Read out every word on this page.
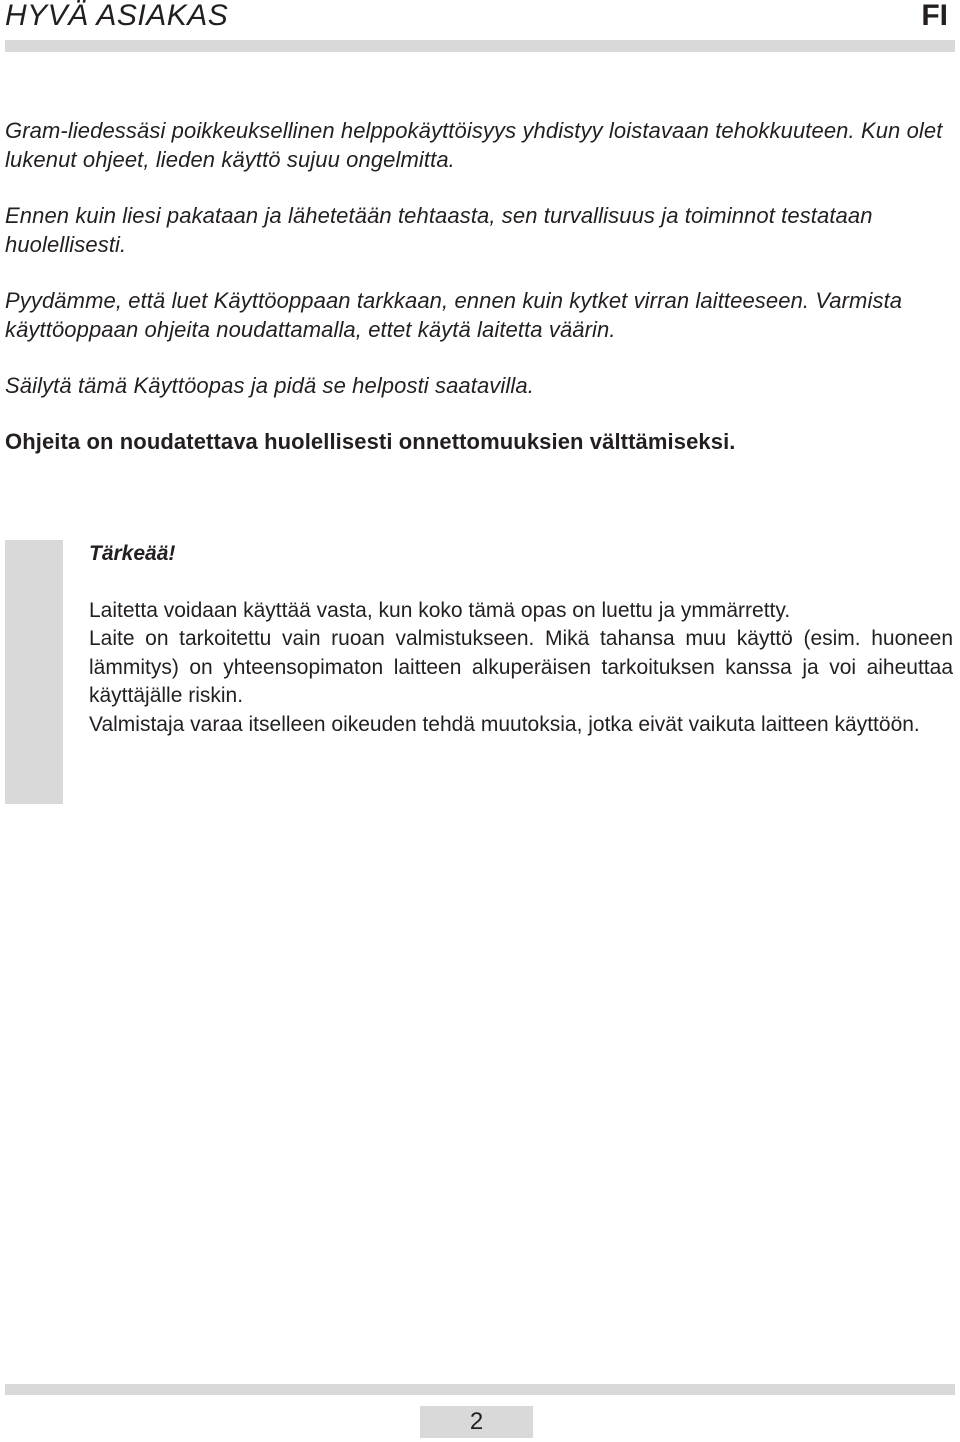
HYVÄ ASIAKAS	FI

Gram-liedessäsi poikkeuksellinen helppokäyttöisyys yhdistyy loistavaan tehokkuuteen. Kun olet lukenut ohjeet, lieden käyttö sujuu ongelmitta.

Ennen kuin liesi pakataan ja lähetetään tehtaasta, sen turvallisuus ja toiminnot testataan huolellisesti.

Pyydämme, että luet Käyttöoppaan tarkkaan, ennen kuin kytket virran laitteeseen. Varmista käyttöoppaan ohjeita noudattamalla, ettet käytä laitetta väärin.

Säilytä tämä Käyttöopas ja pidä se helposti saatavilla.

Ohjeita on noudatettava huolellisesti onnettomuuksien välttämiseksi.

Tärkeää!

Laitetta voidaan käyttää vasta, kun koko tämä opas on luettu ja ymmärretty.

Laite on tarkoitettu vain ruoan valmistukseen. Mikä tahansa muu käyttö (esim. huoneen lämmitys) on yhteensopimaton laitteen alkuperäisen tarkoituksen kanssa ja voi aiheuttaa käyttäjälle riskin.

Valmistaja varaa itselleen oikeuden tehdä muutoksia, jotka eivät vaikuta laitteen käyttöön.

2
